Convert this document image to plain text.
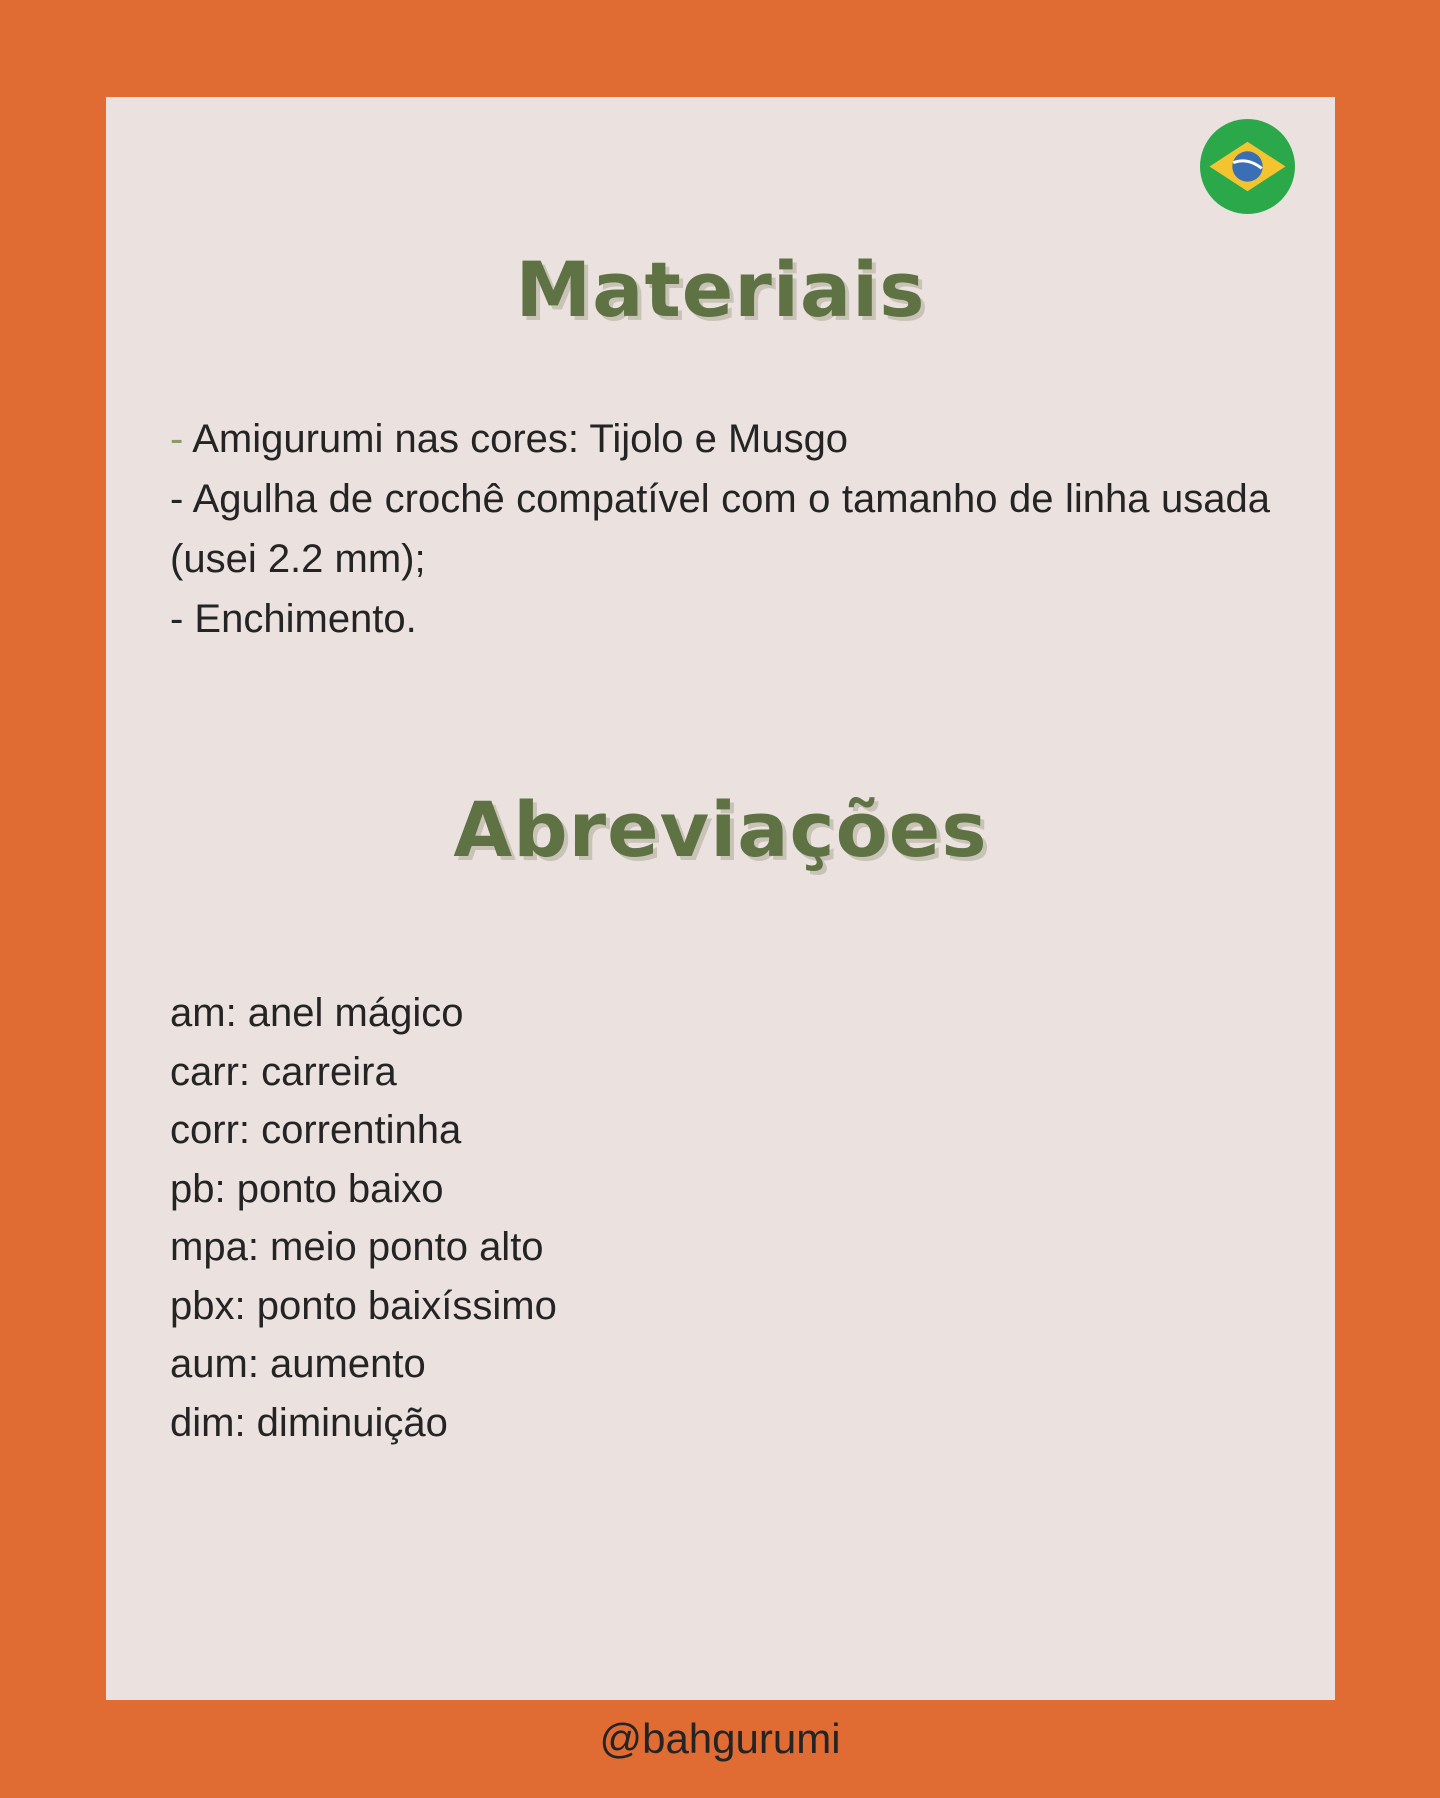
Materiais
- Amigurumi nas cores: Tijolo e Musgo
- Agulha de crochê compatível com o tamanho de linha usada (usei 2.2 mm);
- Enchimento.
Abreviações
am: anel mágico
carr: carreira
corr: correntinha
pb: ponto baixo
mpa: meio ponto alto
pbx: ponto baixíssimo
aum: aumento
dim: diminuição
@bahgurumi
